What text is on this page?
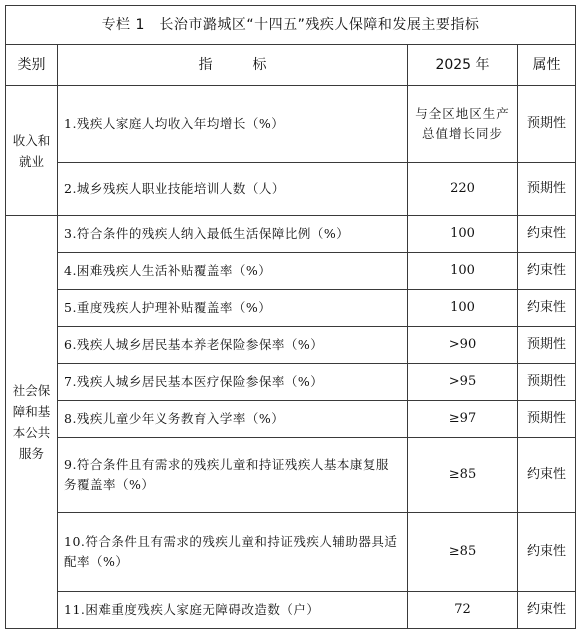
专栏 1　长治市潞城区“十四五”残疾人保障和发展主要指标			
类别	指标	2025 年	属性
收入和就业	1.残疾人家庭人均收入年均增长（%）	与全区地区生产总值增长同步	预期性
	2.城乡残疾人职业技能培训人数（人）	220	预期性
社会保障和基本公共服务	3.符合条件的残疾人纳入最低生活保障比例（%）	100	约束性
	4.困难残疾人生活补贴覆盖率（%）	100	约束性
	5.重度残疾人护理补贴覆盖率（%）	100	约束性
	6.残疾人城乡居民基本养老保险参保率（%）	>90	预期性
	7.残疾人城乡居民基本医疗保险参保率（%）	>95	预期性
	8.残疾儿童少年义务教育入学率（%）	≥97	预期性
	9.符合条件且有需求的残疾儿童和持证残疾人基本康复服务覆盖率（%）	≥85	约束性
	10.符合条件且有需求的残疾儿童和持证残疾人辅助器具适配率（%）	≥85	约束性
	11.困难重度残疾人家庭无障碍改造数（户）	72	约束性
